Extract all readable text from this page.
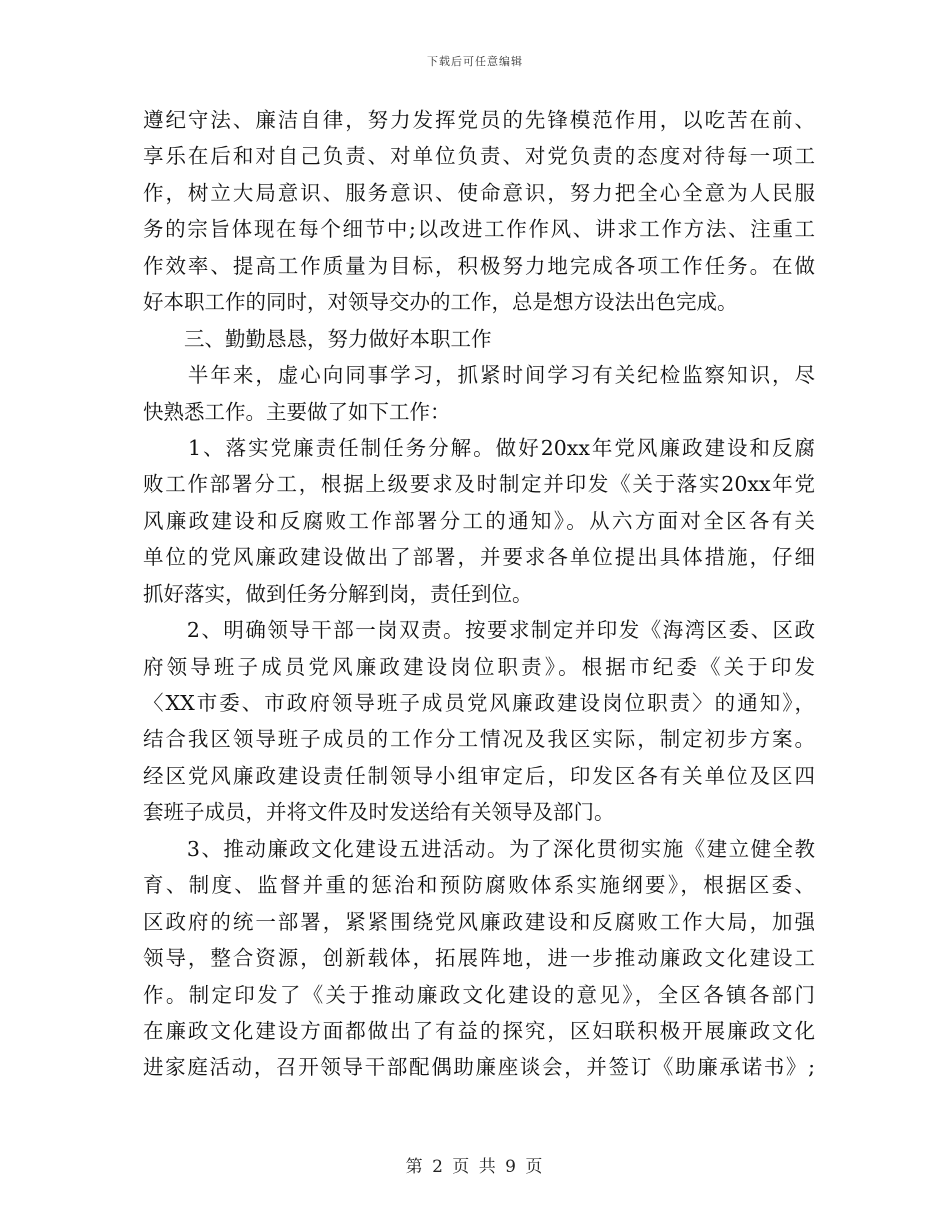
下载后可任意编辑
遵纪守法、廉洁自律，努力发挥党员的先锋模范作用，以吃苦在前、
享乐在后和对自己负责、对单位负责、对党负责的态度对待每一项工
作，树立大局意识、服务意识、使命意识，努力把全心全意为人民服
务的宗旨体现在每个细节中;以改进工作作风、讲求工作方法、注重工
作效率、提高工作质量为目标，积极努力地完成各项工作任务。在做
好本职工作的同时，对领导交办的工作，总是想方设法出色完成。
　　三、勤勤恳恳，努力做好本职工作
　　半年来，虚心向同事学习，抓紧时间学习有关纪检监察知识，尽
快熟悉工作。主要做了如下工作：
　　1、落实党廉责任制任务分解。做好20xx年党风廉政建设和反腐
败工作部署分工，根据上级要求及时制定并印发《关于落实20xx年党
风廉政建设和反腐败工作部署分工的通知》。从六方面对全区各有关
单位的党风廉政建设做出了部署，并要求各单位提出具体措施，仔细
抓好落实，做到任务分解到岗，责任到位。
　　2、明确领导干部一岗双责。按要求制定并印发《海湾区委、区政
府领导班子成员党风廉政建设岗位职责》。根据市纪委《关于印发
〈XX市委、市政府领导班子成员党风廉政建设岗位职责〉的通知》，
结合我区领导班子成员的工作分工情况及我区实际，制定初步方案。
经区党风廉政建设责任制领导小组审定后，印发区各有关单位及区四
套班子成员，并将文件及时发送给有关领导及部门。
　　3、推动廉政文化建设五进活动。为了深化贯彻实施《建立健全教
育、制度、监督并重的惩治和预防腐败体系实施纲要》，根据区委、
区政府的统一部署，紧紧围绕党风廉政建设和反腐败工作大局，加强
领导，整合资源，创新载体，拓展阵地，进一步推动廉政文化建设工
作。制定印发了《关于推动廉政文化建设的意见》，全区各镇各部门
在廉政文化建设方面都做出了有益的探究，区妇联积极开展廉政文化
进家庭活动，召开领导干部配偶助廉座谈会，并签订《助廉承诺书》;
第 2 页 共 9 页
